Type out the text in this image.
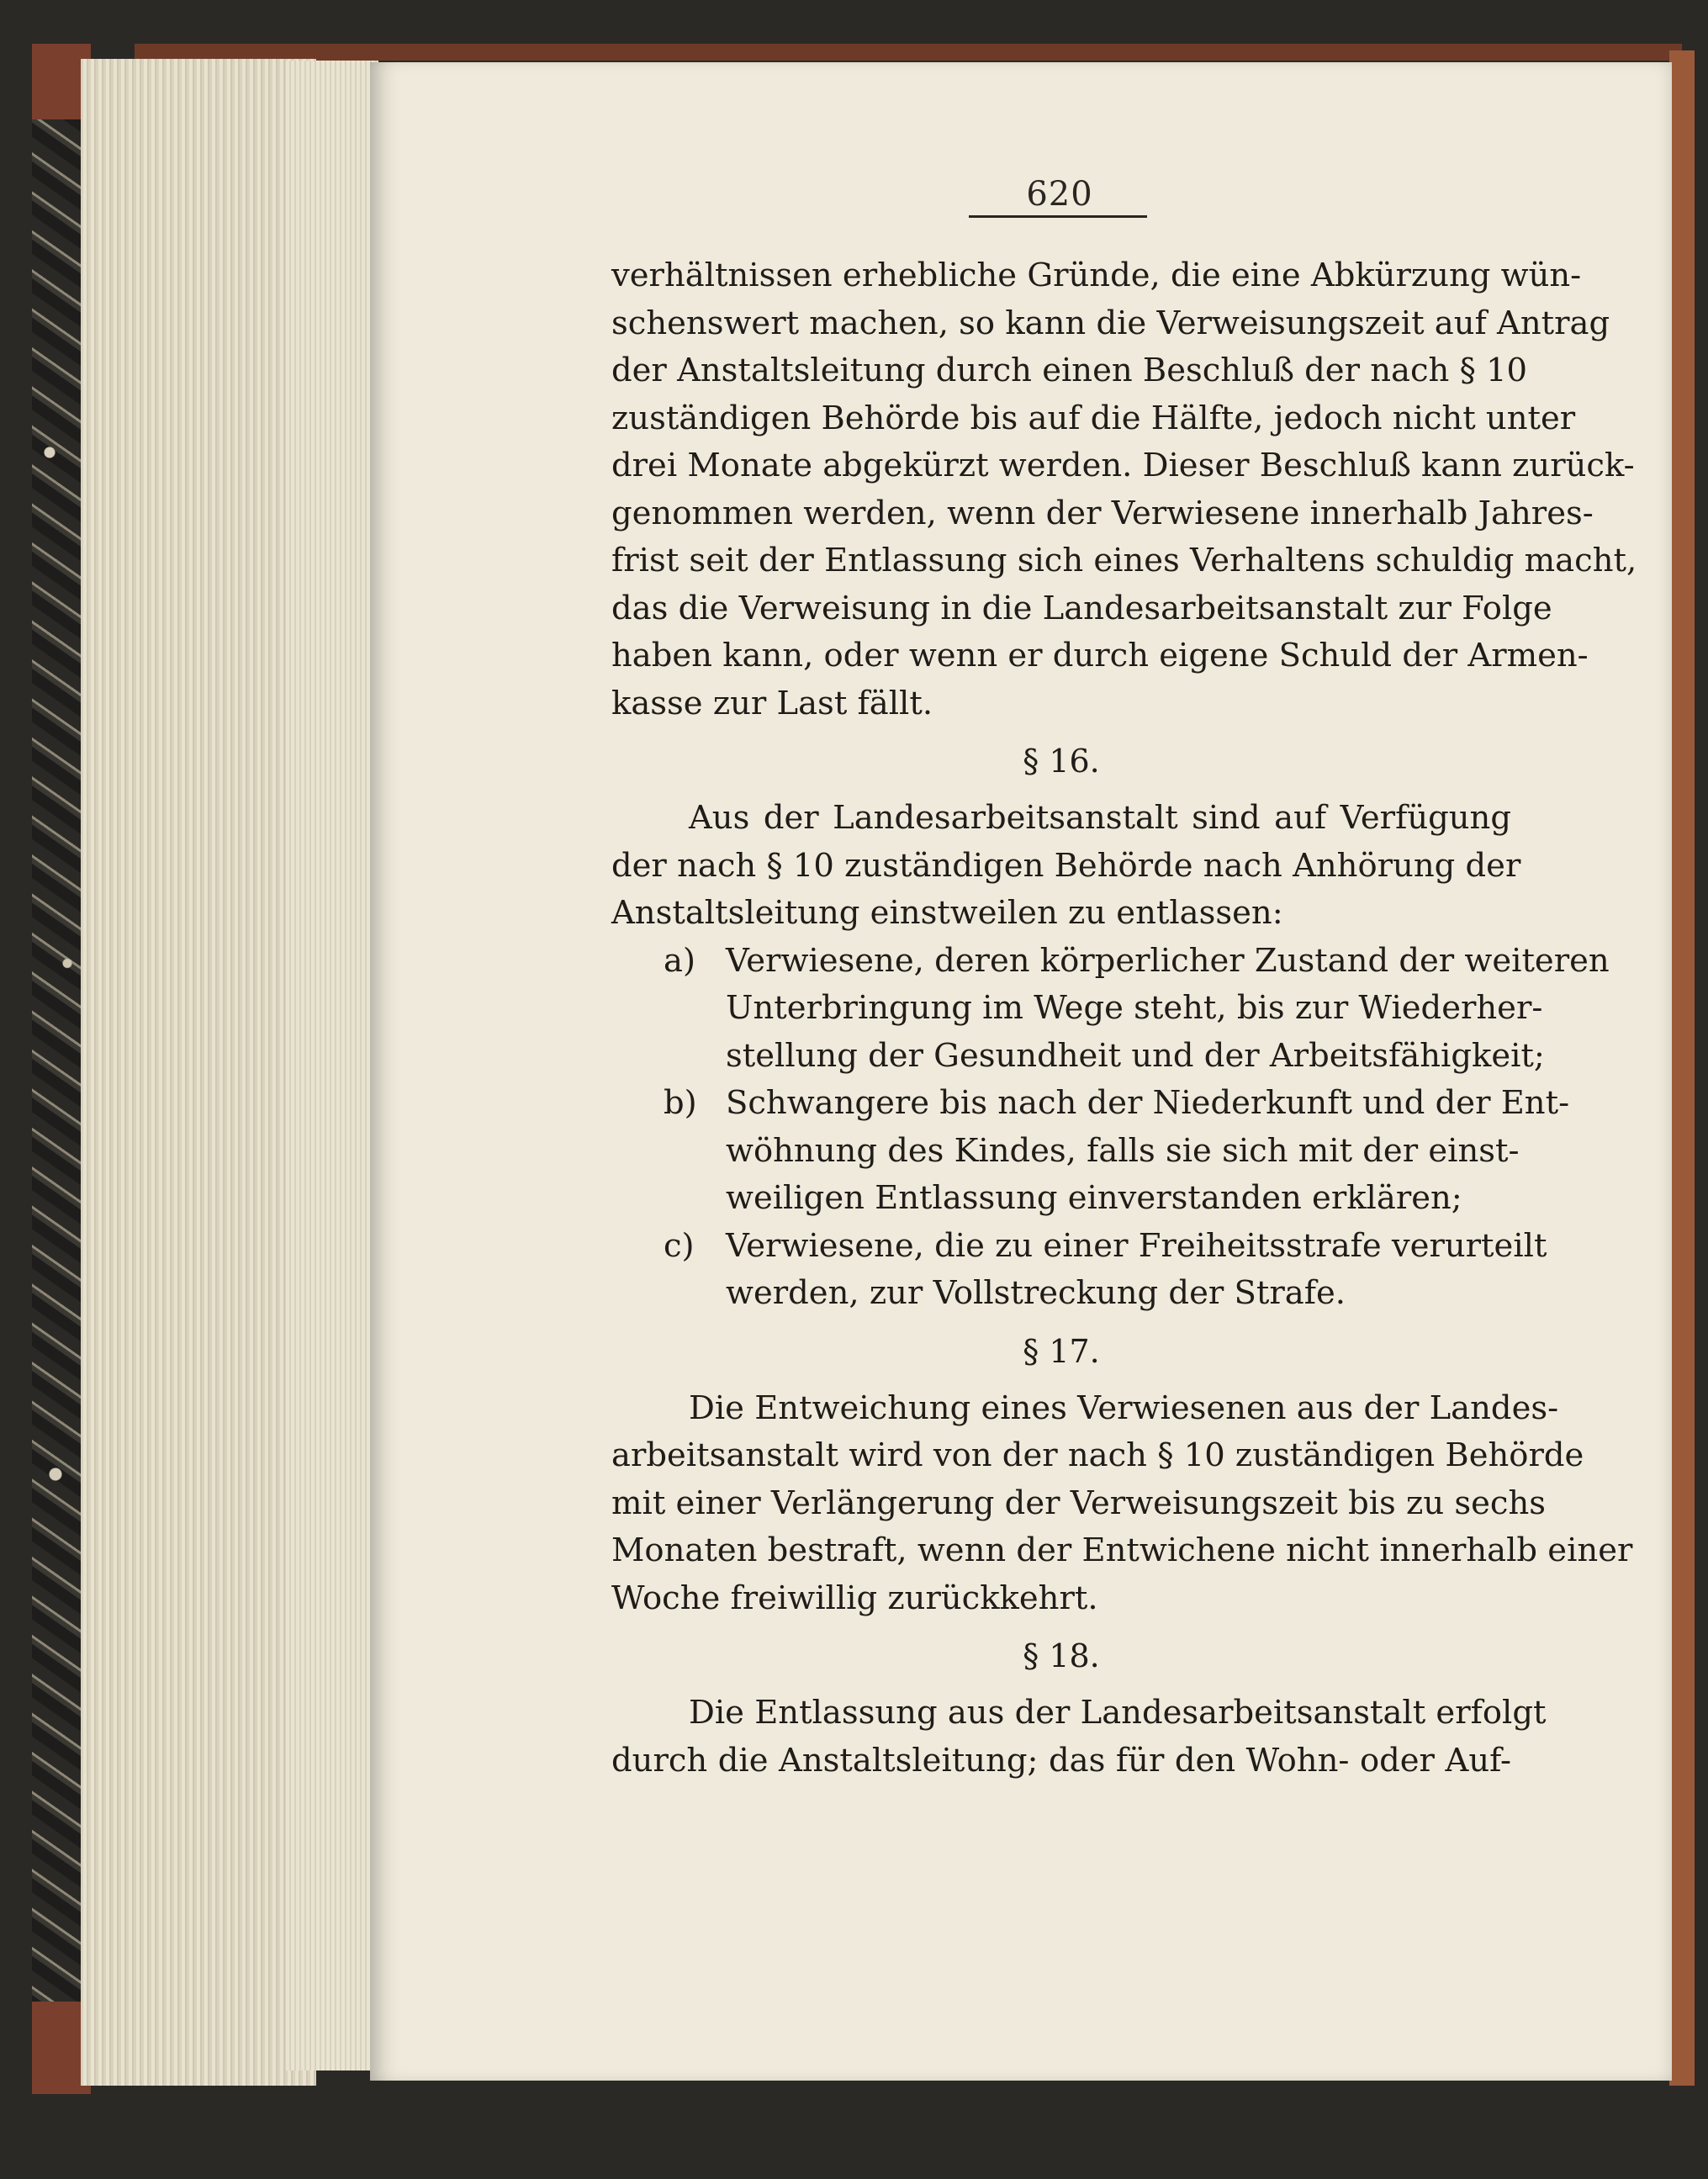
620
verhältnissen erhebliche Gründe, die eine Abkürzung wün-
schenswert machen, so kann die Verweisungszeit auf Antrag
der Anstaltsleitung durch einen Beschluß der nach § 10
zuständigen Behörde bis auf die Hälfte, jedoch nicht unter
drei Monate abgekürzt werden. Dieser Beschluß kann zurück-
genommen werden, wenn der Verwiesene innerhalb Jahres-
frist seit der Entlassung sich eines Verhaltens schuldig macht,
das die Verweisung in die Landesarbeitsanstalt zur Folge
haben kann, oder wenn er durch eigene Schuld der Armen-
kasse zur Last fällt.
§ 16.
Aus der Landesarbeitsanstalt sind auf Verfügung
der nach § 10 zuständigen Behörde nach Anhörung der
Anstaltsleitung einstweilen zu entlassen:
a) Verwiesene, deren körperlicher Zustand der weiteren
Unterbringung im Wege steht, bis zur Wiederher-
stellung der Gesundheit und der Arbeitsfähigkeit;
b) Schwangere bis nach der Niederkunft und der Ent-
wöhnung des Kindes, falls sie sich mit der einst-
weiligen Entlassung einverstanden erklären;
c) Verwiesene, die zu einer Freiheitsstrafe verurteilt
werden, zur Vollstreckung der Strafe.
§ 17.
Die Entweichung eines Verwiesenen aus der Landes-
arbeitsanstalt wird von der nach § 10 zuständigen Behörde
mit einer Verlängerung der Verweisungszeit bis zu sechs
Monaten bestraft, wenn der Entwichene nicht innerhalb einer
Woche freiwillig zurückkehrt.
§ 18.
Die Entlassung aus der Landesarbeitsanstalt erfolgt
durch die Anstaltsleitung; das für den Wohn- oder Auf-
